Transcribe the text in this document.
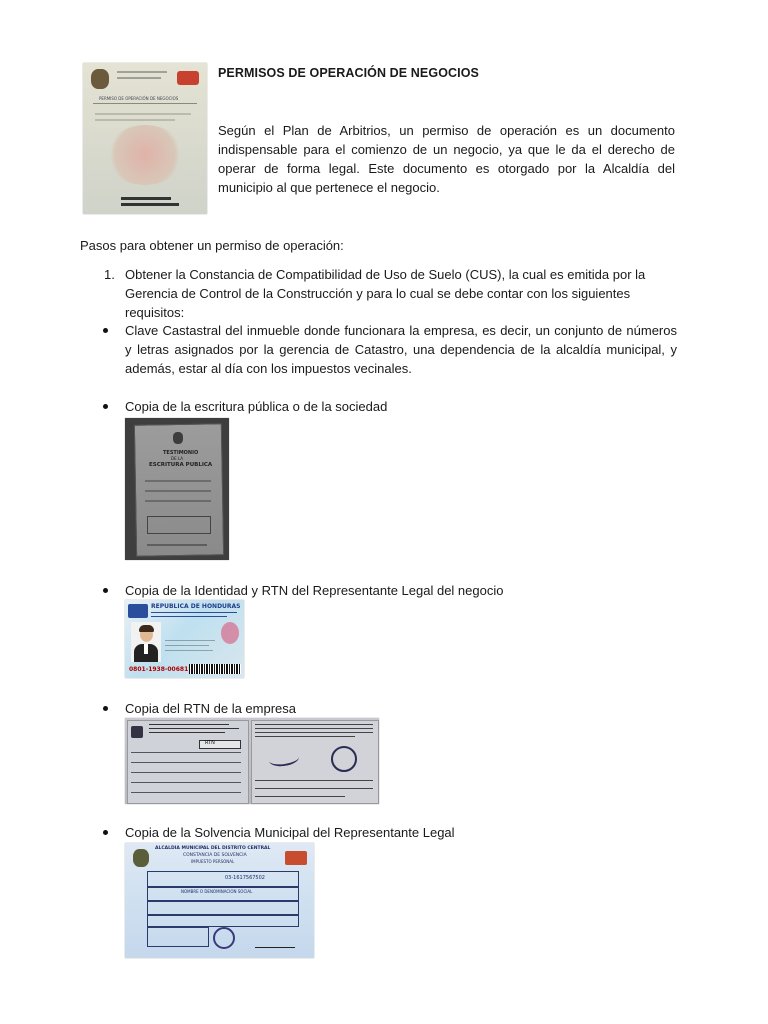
PERMISO DE OPERACIÓN DE NEGOCIOS
PERMISOS DE OPERACIÓN DE NEGOCIOS
Según el Plan de Arbitrios, un permiso de operación es un documento indispensable para el comienzo de un negocio, ya que le da el derecho de operar de forma legal. Este documento es otorgado por la Alcaldía del municipio al que pertenece el negocio.
Pasos para obtener un permiso de operación:
1. Obtener la Constancia de Compatibilidad de Uso de Suelo (CUS), la cual es emitida por la Gerencia de Control de la Construcción y para lo cual se debe contar con los siguientes requisitos:
Clave Castastral del inmueble donde funcionara la empresa, es decir, un conjunto de números y letras asignados por la gerencia de Catastro, una dependencia de la alcaldía municipal, y además, estar al día con los impuestos vecinales.
Copia de la escritura pública o de la sociedad
TESTIMONIO
DE LA
ESCRITURA PUBLICA
Copia de la Identidad y RTN del Representante Legal del negocio
REPUBLICA DE HONDURAS
0801-1938-00681
Copia del RTN de la empresa
RTN
Copia de la Solvencia Municipal del Representante Legal
ALCALDIA MUNICIPAL DEL DISTRITO CENTRAL
CONSTANCIA DE SOLVENCIA
IMPUESTO PERSONAL
03-1617567502
NOMBRE O DENOMINACION SOCIAL
